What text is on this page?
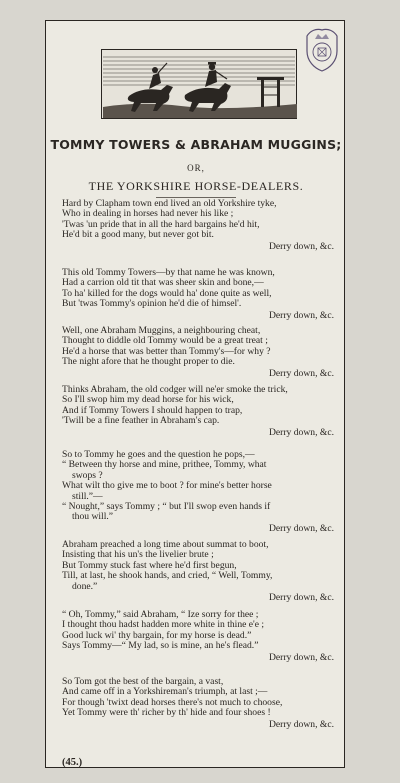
TOMMY TOWERS & ABRAHAM MUGGINS;
OR,
THE YORKSHIRE HORSE-DEALERS.
Hard by Clapham town end lived an old Yorkshire tyke,
Who in dealing in horses had never his like ;
'Twas 'un pride that in all the hard bargains he'd hit,
He'd bit a good many, but never got bit.
Derry down, &c.
This old Tommy Towers—by that name he was known,
Had a carrion old tit that was sheer skin and bone,—
To ha' killed for the dogs would ha' done quite as well,
But 'twas Tommy's opinion he'd die of himsel'.
Derry down, &c.
Well, one Abraham Muggins, a neighbouring cheat,
Thought to diddle old Tommy would be a great treat ;
He'd a horse that was better than Tommy's—for why ?
The night afore that he thought proper to die.
Derry down, &c.
Thinks Abraham, the old codger will ne'er smoke the trick,
So I'll swop him my dead horse for his wick,
And if Tommy Towers I should happen to trap,
'Twill be a fine feather in Abraham's cap.
Derry down, &c.
So to Tommy he goes and the question he pops,—
“ Between thy horse and mine, prithee, Tommy, what
swops ?
What wilt tho give me to boot ? for mine's better horse
still.”—
“ Nought,” says Tommy ; “ but I'll swop even hands if
thou will.”
Derry down, &c.
Abraham preached a long time about summat to boot,
Insisting that his un's the livelier brute ;
But Tommy stuck fast where he'd first begun,
Till, at last, he shook hands, and cried, “ Well, Tommy,
done.”
Derry down, &c.
“ Oh, Tommy,” said Abraham, “ Ize sorry for thee ;
I thought thou hadst hadden more white in thine e'e ;
Good luck wi' thy bargain, for my horse is dead.”
Says Tommy—“ My lad, so is mine, an he's flead.”
Derry down, &c.
So Tom got the best of the bargain, a vast,
And came off in a Yorkshireman's triumph, at last ;—
For though 'twixt dead horses there's not much to choose,
Yet Tommy were th' richer by th' hide and four shoes !
Derry down, &c.
(45.)
